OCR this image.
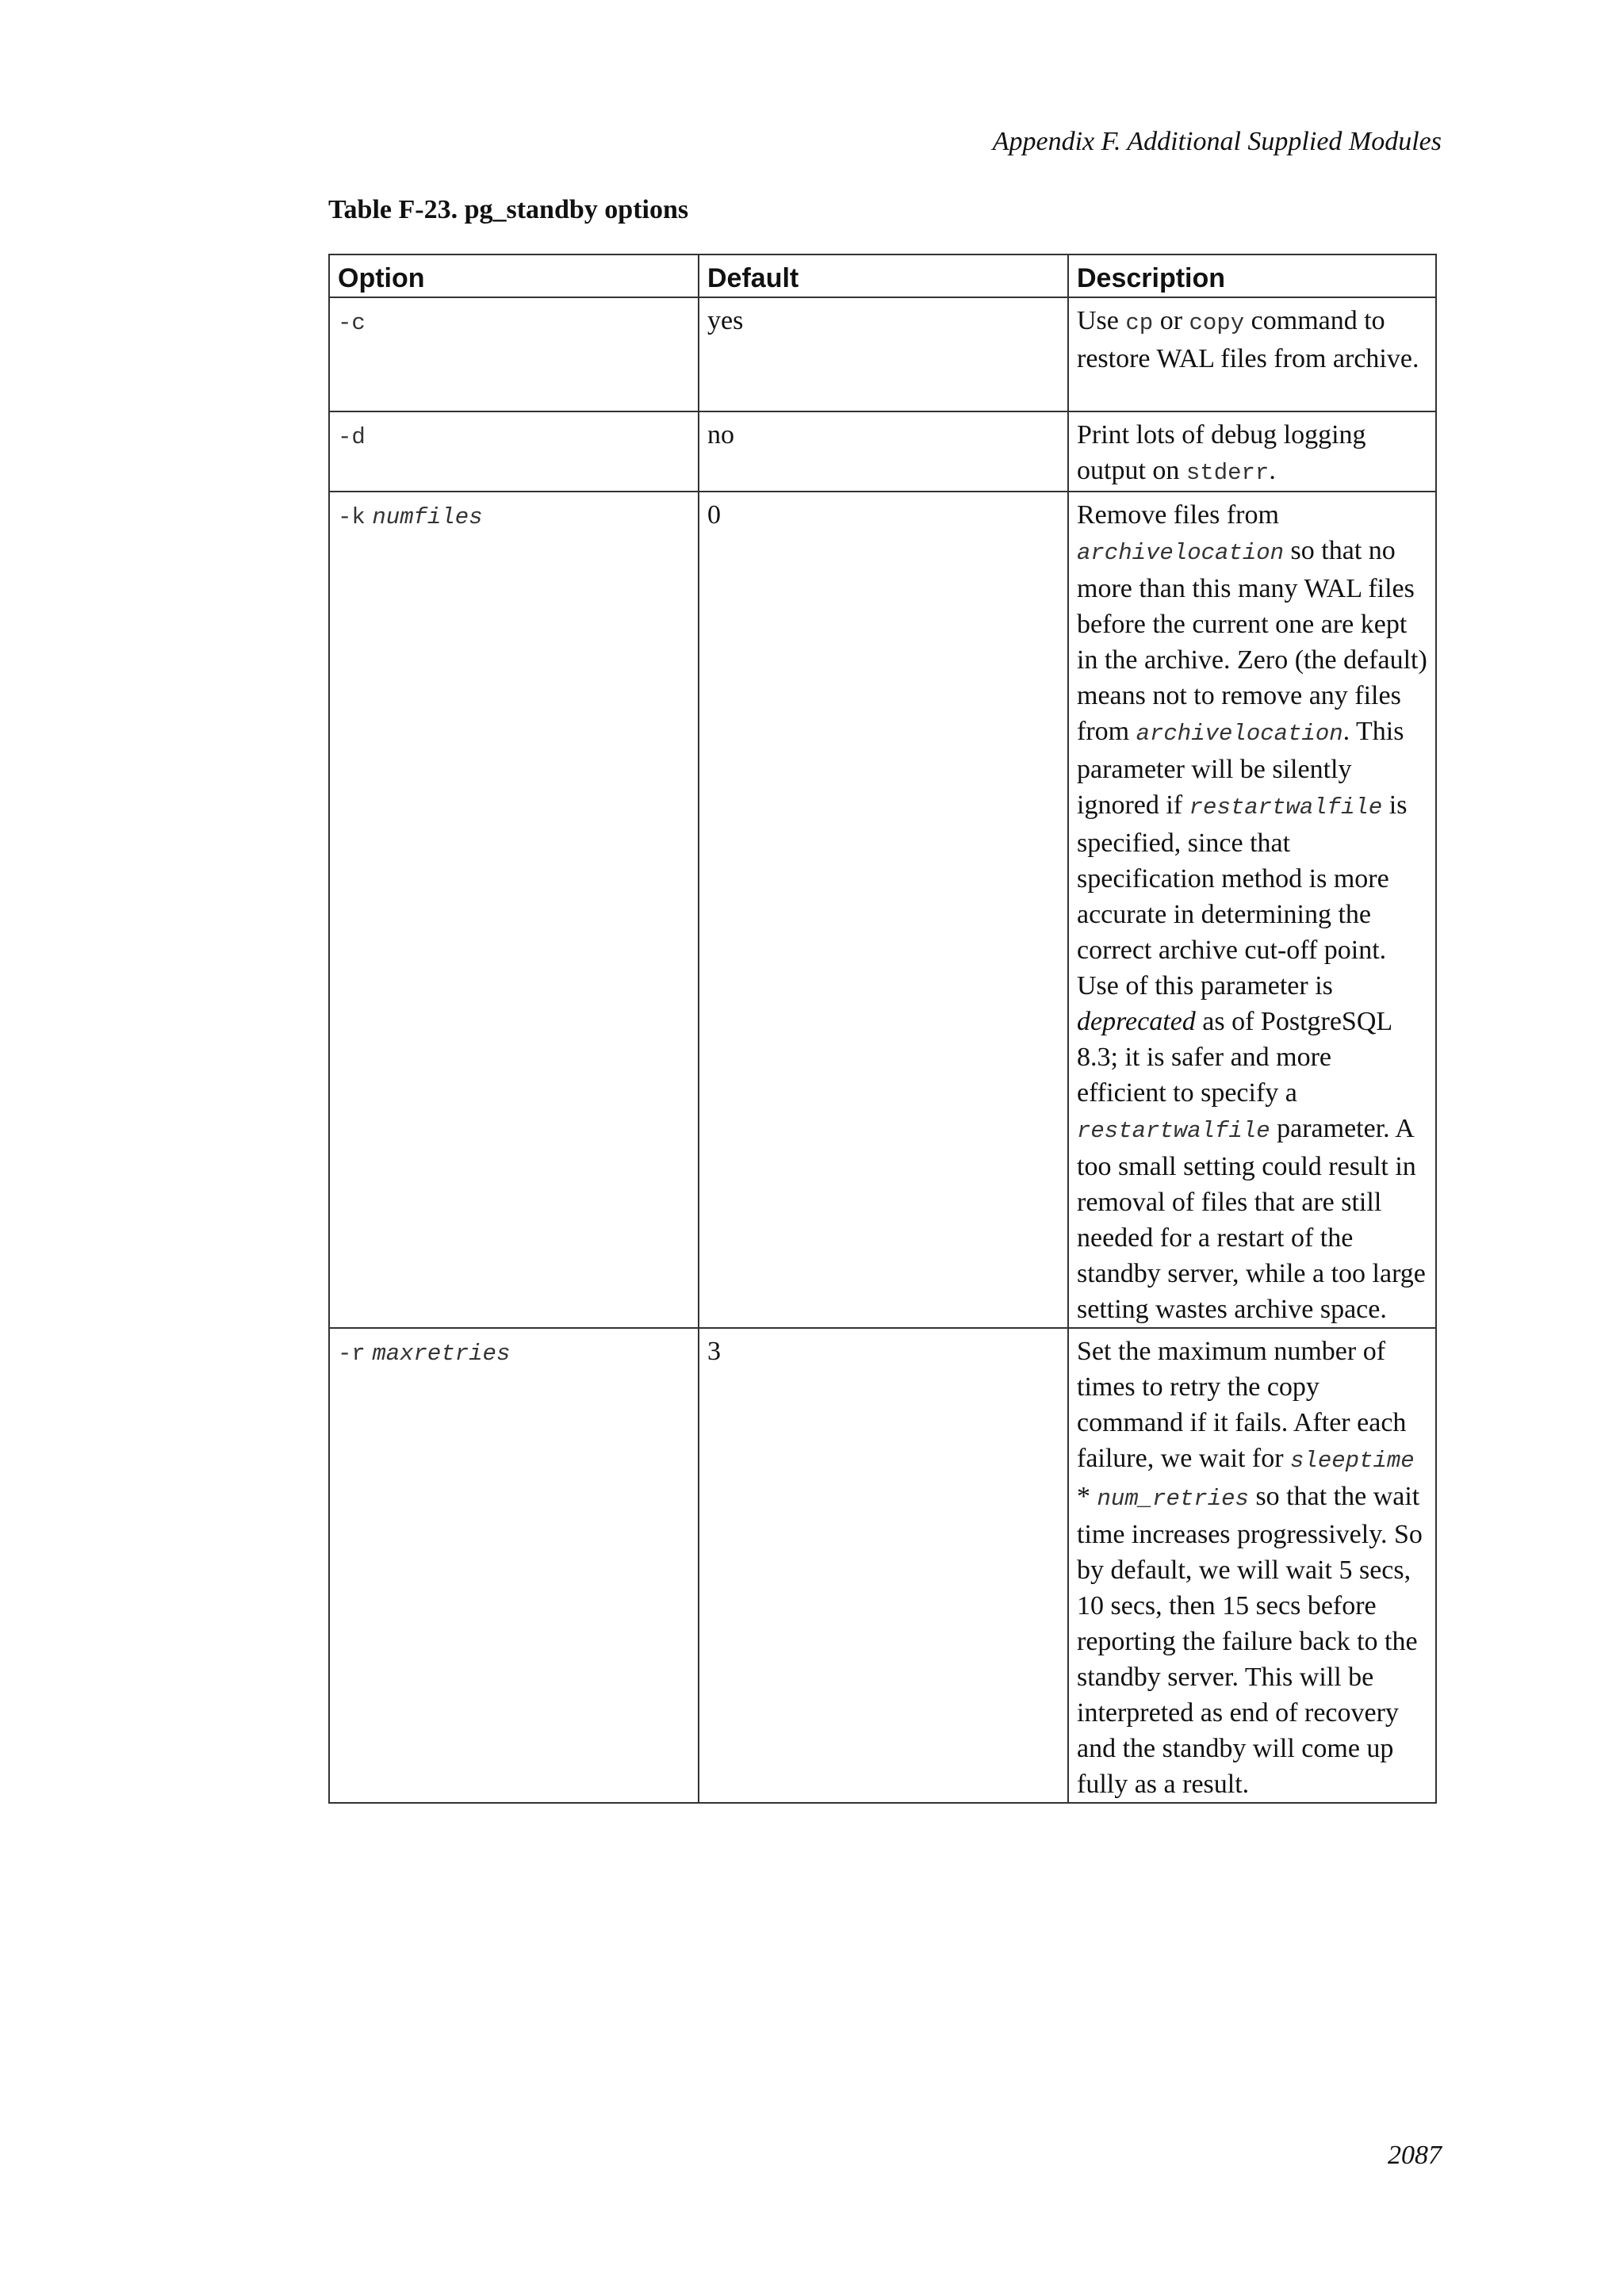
Appendix F. Additional Supplied Modules
Table F-23. pg_standby options
Option	Default	Description
-c	yes	Use cp or copy command to restore WAL files from archive.
-d	no	Print lots of debug logging output on stderr.
-k numfiles	0	Remove files from archivelocation so that no more than this many WAL files before the current one are kept in the archive. Zero (the default) means not to remove any files from archivelocation. This parameter will be silently ignored if restartwalfile is specified, since that specification method is more accurate in determining the correct archive cut-off point. Use of this parameter is deprecated as of PostgreSQL 8.3; it is safer and more efficient to specify a restartwalfile parameter. A too small setting could result in removal of files that are still needed for a restart of the standby server, while a too large setting wastes archive space.
-r maxretries	3	Set the maximum number of times to retry the copy command if it fails. After each failure, we wait for sleeptime * num_retries so that the wait time increases progressively. So by default, we will wait 5 secs, 10 secs, then 15 secs before reporting the failure back to the standby server. This will be interpreted as end of recovery and the standby will come up fully as a result.
2087
